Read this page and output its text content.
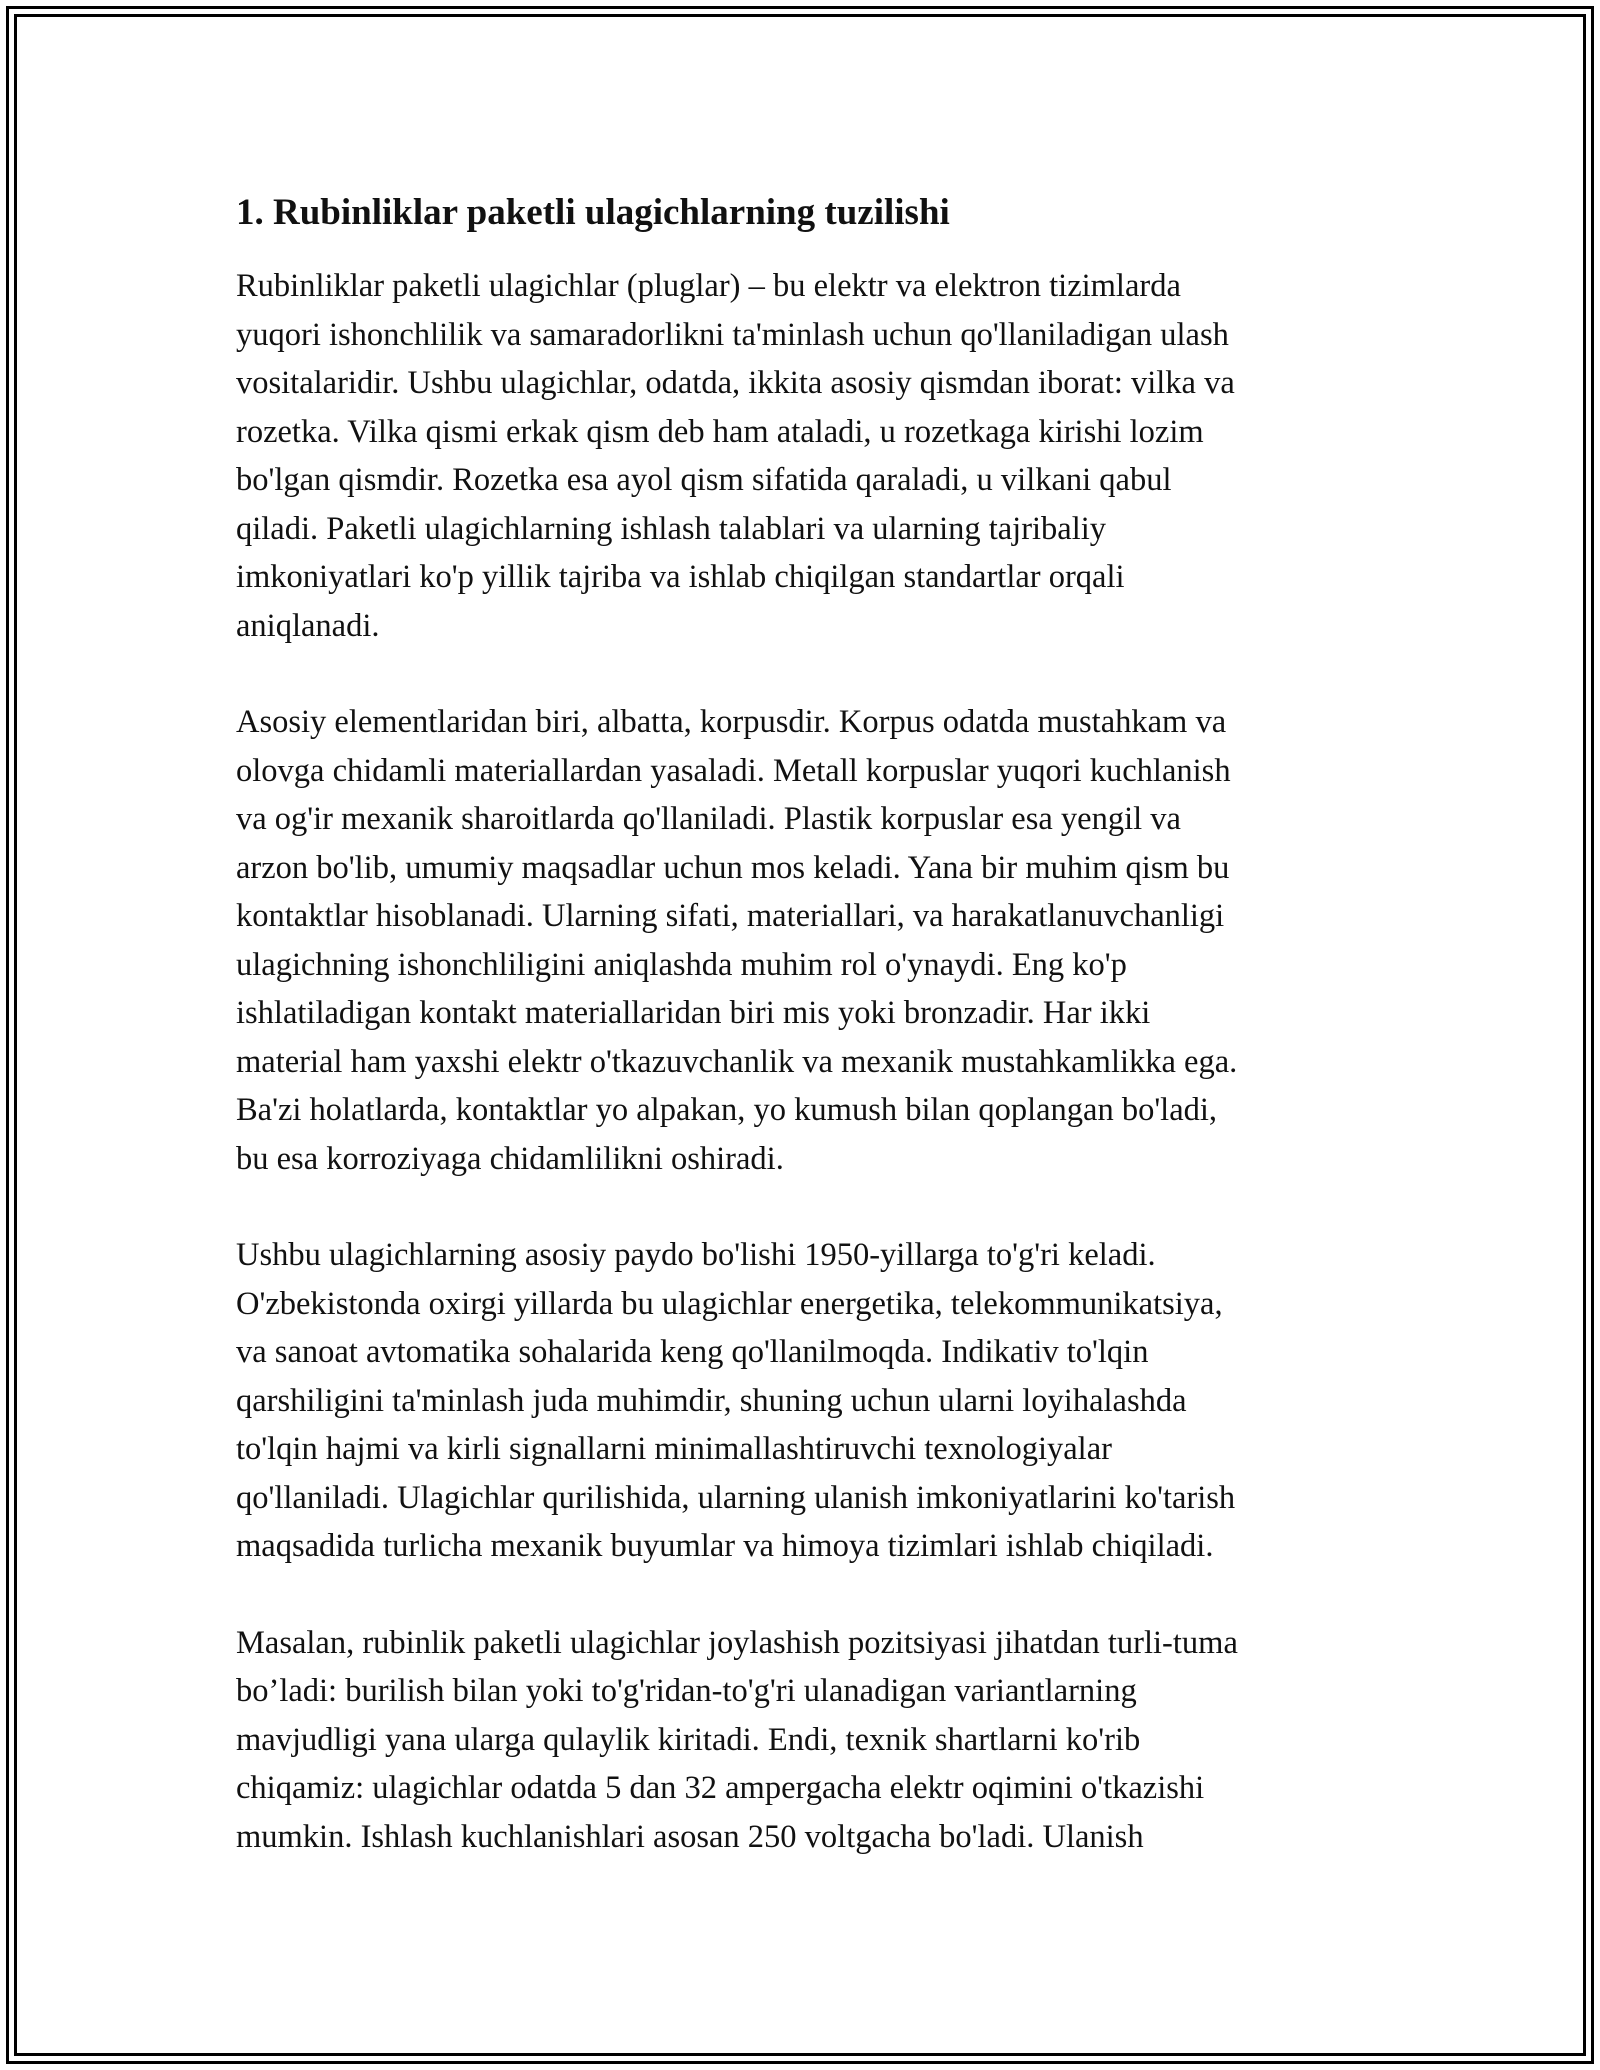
1. Rubinliklar paketli ulagichlarning tuzilishi

Rubinliklar paketli ulagichlar (pluglar) – bu elektr va elektron tizimlarda
yuqori ishonchlilik va samaradorlikni ta'minlash uchun qo'llaniladigan ulash
vositalaridir. Ushbu ulagichlar, odatda, ikkita asosiy qismdan iborat: vilka va
rozetka. Vilka qismi erkak qism deb ham ataladi, u rozetkaga kirishi lozim
bo'lgan qismdir. Rozetka esa ayol qism sifatida qaraladi, u vilkani qabul
qiladi. Paketli ulagichlarning ishlash talablari va ularning tajribaliy
imkoniyatlari ko'p yillik tajriba va ishlab chiqilgan standartlar orqali
aniqlanadi.

Asosiy elementlaridan biri, albatta, korpusdir. Korpus odatda mustahkam va
olovga chidamli materiallardan yasaladi. Metall korpuslar yuqori kuchlanish
va og'ir mexanik sharoitlarda qo'llaniladi. Plastik korpuslar esa yengil va
arzon bo'lib, umumiy maqsadlar uchun mos keladi. Yana bir muhim qism bu
kontaktlar hisoblanadi. Ularning sifati, materiallari, va harakatlanuvchanligi
ulagichning ishonchliligini aniqlashda muhim rol o'ynaydi. Eng ko'p
ishlatiladigan kontakt materiallaridan biri mis yoki bronzadir. Har ikki
material ham yaxshi elektr o'tkazuvchanlik va mexanik mustahkamlikka ega.
Ba'zi holatlarda, kontaktlar yo alpakan, yo kumush bilan qoplangan bo'ladi,
bu esa korroziyaga chidamlilikni oshiradi.

Ushbu ulagichlarning asosiy paydo bo'lishi 1950-yillarga to'g'ri keladi.
O'zbekistonda oxirgi yillarda bu ulagichlar energetika, telekommunikatsiya,
va sanoat avtomatika sohalarida keng qo'llanilmoqda. Indikativ to'lqin
qarshiligini ta'minlash juda muhimdir, shuning uchun ularni loyihalashda
to'lqin hajmi va kirli signallarni minimallashtiruvchi texnologiyalar
qo'llaniladi. Ulagichlar qurilishida, ularning ulanish imkoniyatlarini ko'tarish
maqsadida turlicha mexanik buyumlar va himoya tizimlari ishlab chiqiladi.

Masalan, rubinlik paketli ulagichlar joylashish pozitsiyasi jihatdan turli-tuma
bo’ladi: burilish bilan yoki to'g'ridan-to'g'ri ulanadigan variantlarning
mavjudligi yana ularga qulaylik kiritadi. Endi, texnik shartlarni ko'rib
chiqamiz: ulagichlar odatda 5 dan 32 ampergacha elektr oqimini o'tkazishi
mumkin. Ishlash kuchlanishlari asosan 250 voltgacha bo'ladi. Ulanish
